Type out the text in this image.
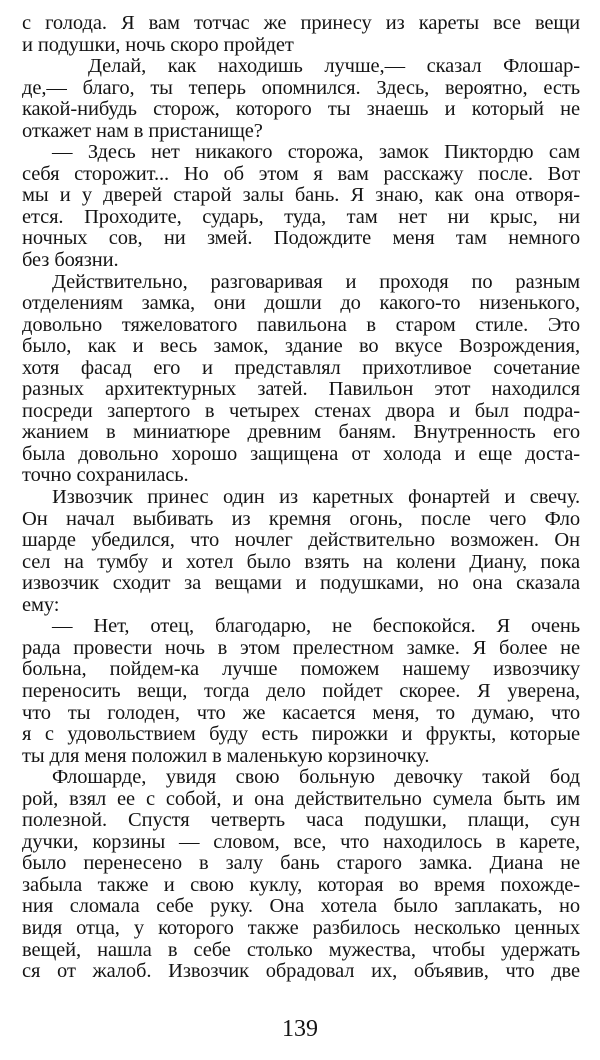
с голода. Я вам тотчас же принесу из кареты все вещи
и подушки, ночь скоро пройдет
Делай, как находишь лучше,— сказал Флошар-
де,— благо, ты теперь опомнился. Здесь, вероятно, есть
какой-нибудь сторож, которого ты знаешь и который не
откажет нам в пристанище?
— Здесь нет никакого сторожа, замок Пиктордю сам
себя сторожит... Но об этом я вам расскажу после. Вот
мы и у дверей старой залы бань. Я знаю, как она отворя-
ется. Проходите, сударь, туда, там нет ни крыс, ни
ночных сов, ни змей. Подождите меня там немного
без боязни.
Действительно, разговаривая и проходя по разным
отделениям замка, они дошли до какого-то низенького,
довольно тяжеловатого павильона в старом стиле. Это
было, как и весь замок, здание во вкусе Возрождения,
хотя фасад его и представлял прихотливое сочетание
разных архитектурных затей. Павильон этот находился
посреди запертого в четырех стенах двора и был подра-
жанием в миниатюре древним баням. Внутренность его
была довольно хорошо защищена от холода и еще доста-
точно сохранилась.
Извозчик принес один из каретных фонартей и свечу.
Он начал выбивать из кремня огонь, после чего Фло
шарде убедился, что ночлег действительно возможен. Он
сел на тумбу и хотел было взять на колени Диану, пока
извозчик сходит за вещами и подушками, но она сказала
ему:
— Нет, отец, благодарю, не беспокойся. Я очень
рада провести ночь в этом прелестном замке. Я более не
больна, пойдем-ка лучше поможем нашему извозчику
переносить вещи, тогда дело пойдет скорее. Я уверена,
что ты голоден, что же касается меня, то думаю, что
я с удовольствием буду есть пирожки и фрукты, которые
ты для меня положил в маленькую корзиночку.
Флошарде, увидя свою больную девочку такой бод
рой, взял ее с собой, и она действительно сумела быть им
полезной. Спустя четверть часа подушки, плащи, сун
дучки, корзины — словом, все, что находилось в карете,
было перенесено в залу бань старого замка. Диана не
забыла также и свою куклу, которая во время похожде-
ния сломала себе руку. Она хотела было заплакать, но
видя отца, у которого также разбилось несколько ценных
вещей, нашла в себе столько мужества, чтобы удержать
ся от жалоб. Извозчик обрадовал их, объявив, что две
139
